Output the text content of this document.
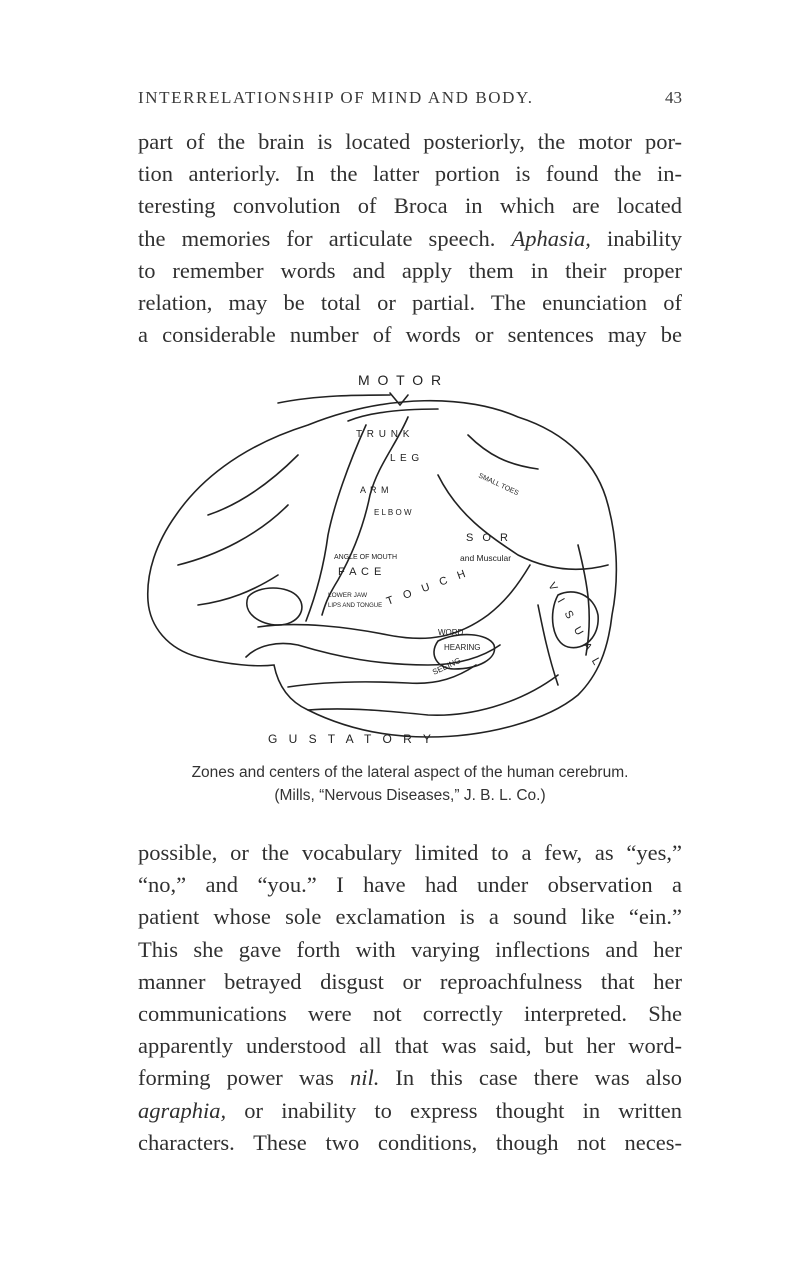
INTERRELATIONSHIP OF MIND AND BODY.	43
part of the brain is located posteriorly, the motor por-
tion anteriorly. In the latter portion is found the in-
teresting convolution of Broca in which are located
the memories for articulate speech. Aphasia, inability
to remember words and apply them in their proper
relation, may be total or partial. The enunciation of
a considerable number of words or sentences may be
M O T O R
T R U N K
L E G
A R M
E L B O W
F A C E
ANGLE OF MOUTH
LOWER JAW
LIPS AND TONGUE
S O R
and Muscular
SMALL TOES
WORD
HEARING
SEEING
T O U C H	V I S U A L
G U S T A T O R Y
Zones and centers of the lateral aspect of the human cerebrum.
(Mills, “Nervous Diseases,” J. B. L. Co.)
possible, or the vocabulary limited to a few, as “yes,”
“no,” and “you.” I have had under observation a
patient whose sole exclamation is a sound like “ein.”
This she gave forth with varying inflections and her
manner betrayed disgust or reproachfulness that her
communications were not correctly interpreted. She
apparently understood all that was said, but her word-
forming power was nil. In this case there was also
agraphia, or inability to express thought in written
characters. These two conditions, though not neces-
